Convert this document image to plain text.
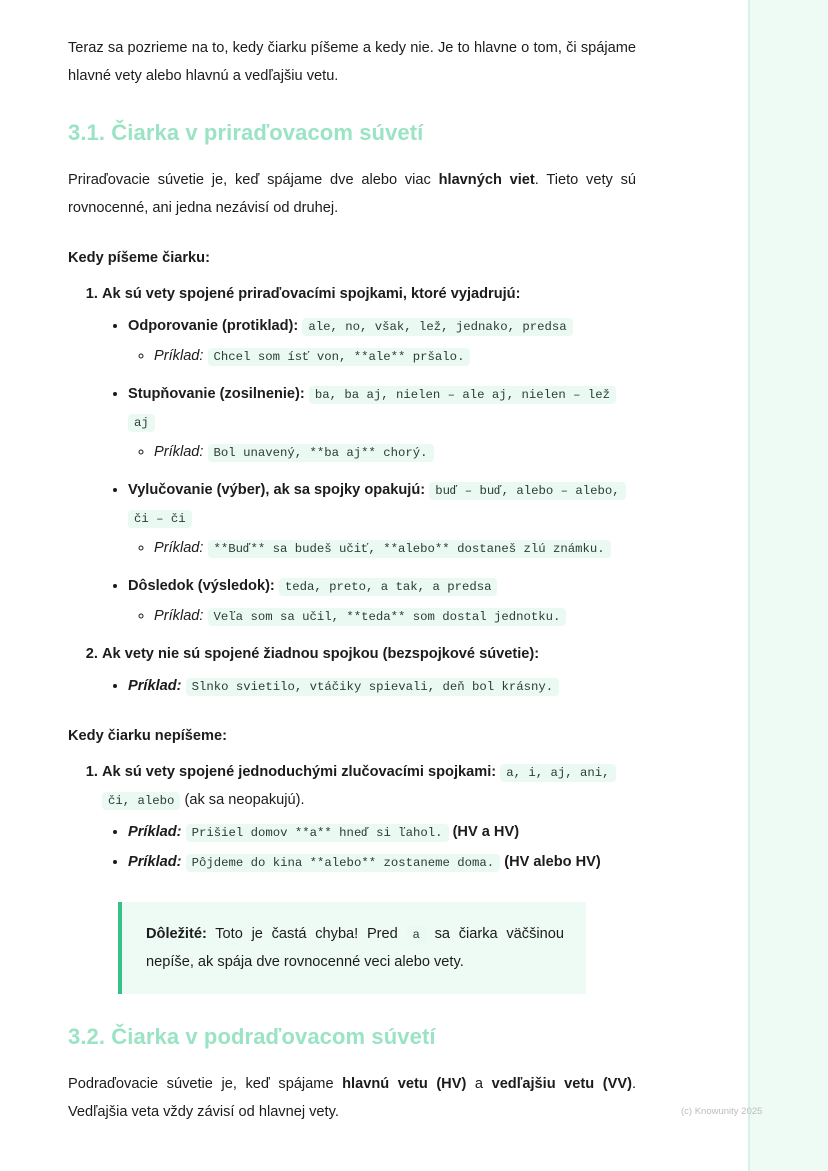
Teraz sa pozrieme na to, kedy čiarku píšeme a kedy nie. Je to hlavne o tom, či spájame hlavné vety alebo hlavnú a vedľajšiu vetu.

3.1. Čiarka v priraďovacom súvetí

Priraďovacie súvetie je, keď spájame dve alebo viac hlavných viet. Tieto vety sú rovnocenné, ani jedna nezávisí od druhej.

Kedy píšeme čiarku:
1. Ak sú vety spojené priraďovacími spojkami, ktoré vyjadrujú:
• Odporovanie (protiklad): ale, no, však, lež, jednako, predsa
◦ Príklad: Chcel som ísť von, **ale** pršalo.
• Stupňovanie (zosilnenie): ba, ba aj, nielen – ale aj, nielen – lež aj
◦ Príklad: Bol unavený, **ba aj** chorý.
• Vylučovanie (výber), ak sa spojky opakujú: buď – buď, alebo – alebo, či – či
◦ Príklad: **Buď** sa budeš učiť, **alebo** dostaneš zlú známku.
• Dôsledok (výsledok): teda, preto, a tak, a predsa
◦ Príklad: Veľa som sa učil, **teda** som dostal jednotku.
2. Ak vety nie sú spojené žiadnou spojkou (bezspojkové súvetie):
• Príklad: Slnko svietilo, vtáčiky spievali, deň bol krásny.
Kedy čiarku nepíšeme:
1. Ak sú vety spojené jednoduchými zlučovacími spojkami: a, i, aj, ani, či, alebo (ak sa neopakujú).
• Príklad: Prišiel domov **a** hneď si ľahol. (HV a HV)
• Príklad: Pôjdeme do kina **alebo** zostaneme doma. (HV alebo HV)
Dôležité: Toto je častá chyba! Pred a sa čiarka väčšinou nepíše, ak spája dve rovnocenné veci alebo vety.
3.2. Čiarka v podraďovacom súvetí

Podraďovacie súvetie je, keď spájame hlavnú vetu (HV) a vedľajšiu vetu (VV). Vedľajšia veta vždy závisí od hlavnej vety.	(c) Knowunity 2025
